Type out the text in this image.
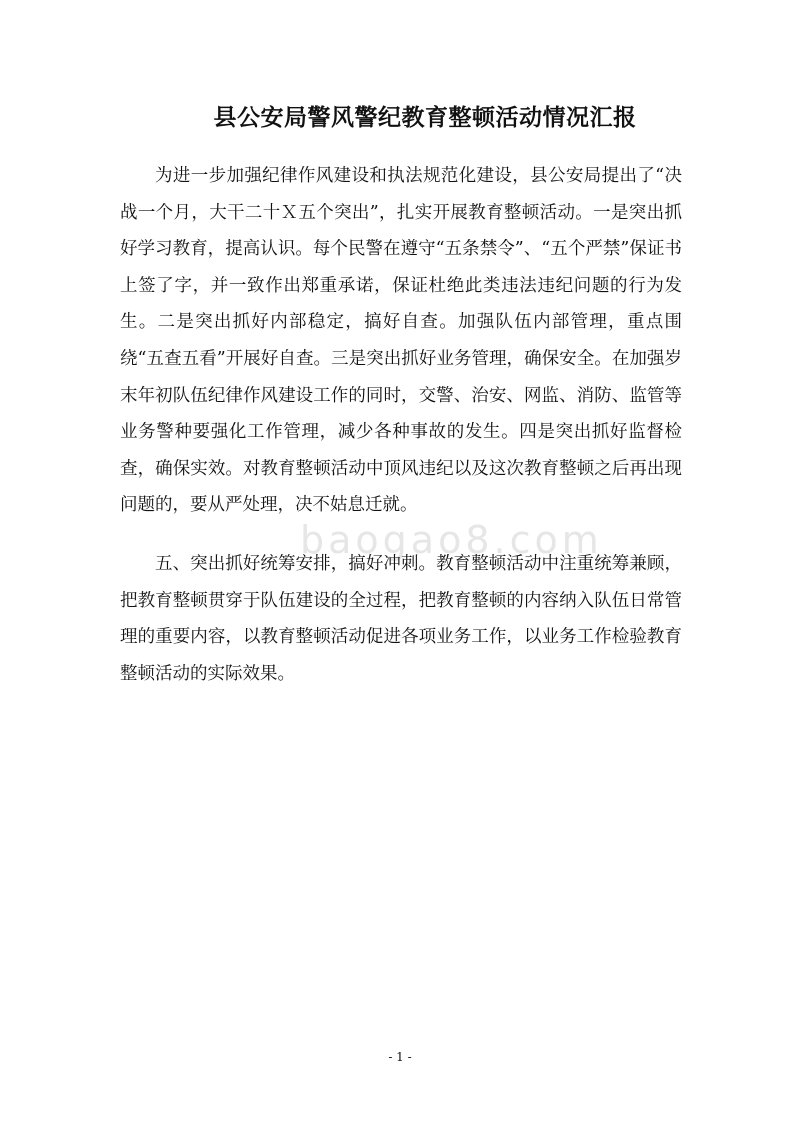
县公安局警风警纪教育整顿活动情况汇报

为进一步加强纪律作风建设和执法规范化建设，县公安局提出了“决战一个月，大干二十Ｘ五个突出”，扎实开展教育整顿活动。一是突出抓好学习教育，提高认识。每个民警在遵守“五条禁令”、“五个严禁”保证书上签了字，并一致作出郑重承诺，保证杜绝此类违法违纪问题的行为发生。二是突出抓好内部稳定，搞好自查。加强队伍内部管理，重点围绕“五查五看”开展好自查。三是突出抓好业务管理，确保安全。在加强岁末年初队伍纪律作风建设工作的同时，交警、治安、网监、消防、监管等业务警种要强化工作管理，减少各种事故的发生。四是突出抓好监督检查，确保实效。对教育整顿活动中顶风违纪以及这次教育整顿之后再出现问题的，要从严处理，决不姑息迁就。

baogao8.com

五、突出抓好统筹安排，搞好冲刺。教育整顿活动中注重统筹兼顾，把教育整顿贯穿于队伍建设的全过程，把教育整顿的内容纳入队伍日常管理的重要内容，以教育整顿活动促进各项业务工作，以业务工作检验教育整顿活动的实际效果。

- 1 -
